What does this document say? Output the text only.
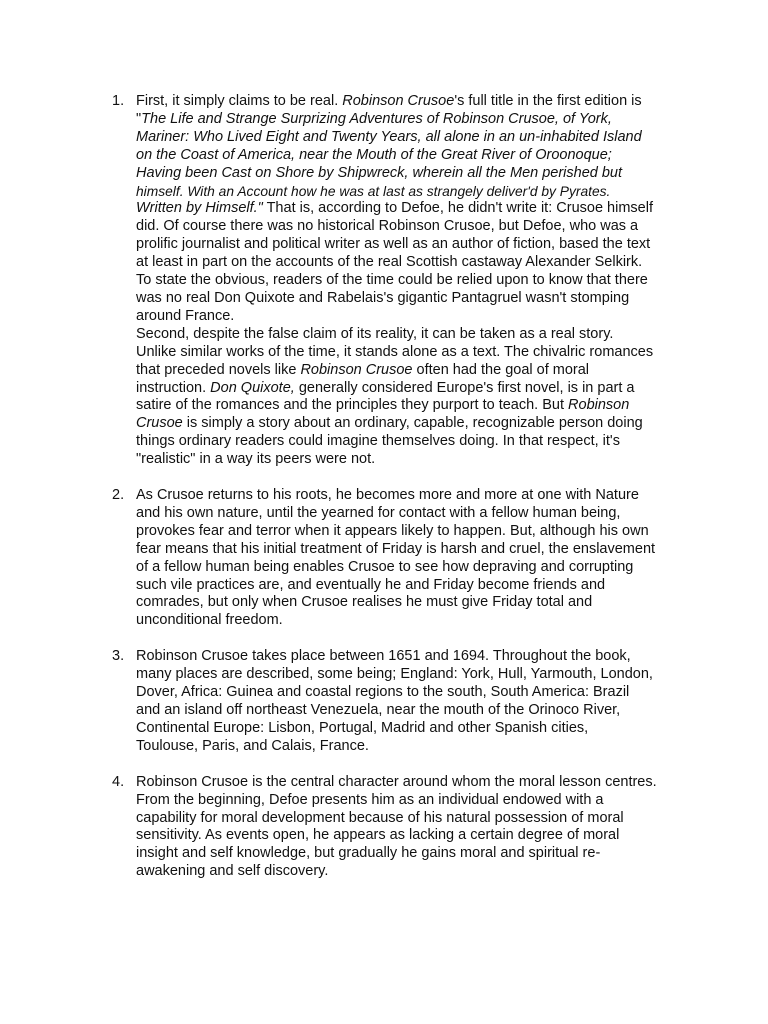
1. First, it simply claims to be real. Robinson Crusoe's full title in the first edition is
"The Life and Strange Surprizing Adventures of Robinson Crusoe, of York,
Mariner: Who Lived Eight and Twenty Years, all alone in an un-inhabited Island
on the Coast of America, near the Mouth of the Great River of Oroonoque;
Having been Cast on Shore by Shipwreck, wherein all the Men perished but
himself. With an Account how he was at last as strangely deliver'd by Pyrates.
Written by Himself." That is, according to Defoe, he didn't write it: Crusoe himself
did. Of course there was no historical Robinson Crusoe, but Defoe, who was a
prolific journalist and political writer as well as an author of fiction, based the text
at least in part on the accounts of the real Scottish castaway Alexander Selkirk.
To state the obvious, readers of the time could be relied upon to know that there
was no real Don Quixote and Rabelais's gigantic Pantagruel wasn't stomping
around France.

Second, despite the false claim of its reality, it can be taken as a real story.
Unlike similar works of the time, it stands alone as a text. The chivalric romances
that preceded novels like Robinson Crusoe often had the goal of moral
instruction. Don Quixote, generally considered Europe's first novel, is in part a
satire of the romances and the principles they purport to teach. But Robinson
Crusoe is simply a story about an ordinary, capable, recognizable person doing
things ordinary readers could imagine themselves doing. In that respect, it's
"realistic" in a way its peers were not.

2. As Crusoe returns to his roots, he becomes more and more at one with Nature
and his own nature, until the yearned for contact with a fellow human being,
provokes fear and terror when it appears likely to happen. But, although his own
fear means that his initial treatment of Friday is harsh and cruel, the enslavement
of a fellow human being enables Crusoe to see how depraving and corrupting
such vile practices are, and eventually he and Friday become friends and
comrades, but only when Crusoe realises he must give Friday total and
unconditional freedom.

3. Robinson Crusoe takes place between 1651 and 1694. Throughout the book,
many places are described, some being; England: York, Hull, Yarmouth, London,
Dover, Africa: Guinea and coastal regions to the south, South America: Brazil
and an island off northeast Venezuela, near the mouth of the Orinoco River,
Continental Europe: Lisbon, Portugal, Madrid and other Spanish cities,
Toulouse, Paris, and Calais, France.

4. Robinson Crusoe is the central character around whom the moral lesson centres.
From the beginning, Defoe presents him as an individual endowed with a
capability for moral development because of his natural possession of moral
sensitivity. As events open, he appears as lacking a certain degree of moral
insight and self knowledge, but gradually he gains moral and spiritual re-
awakening and self discovery.
